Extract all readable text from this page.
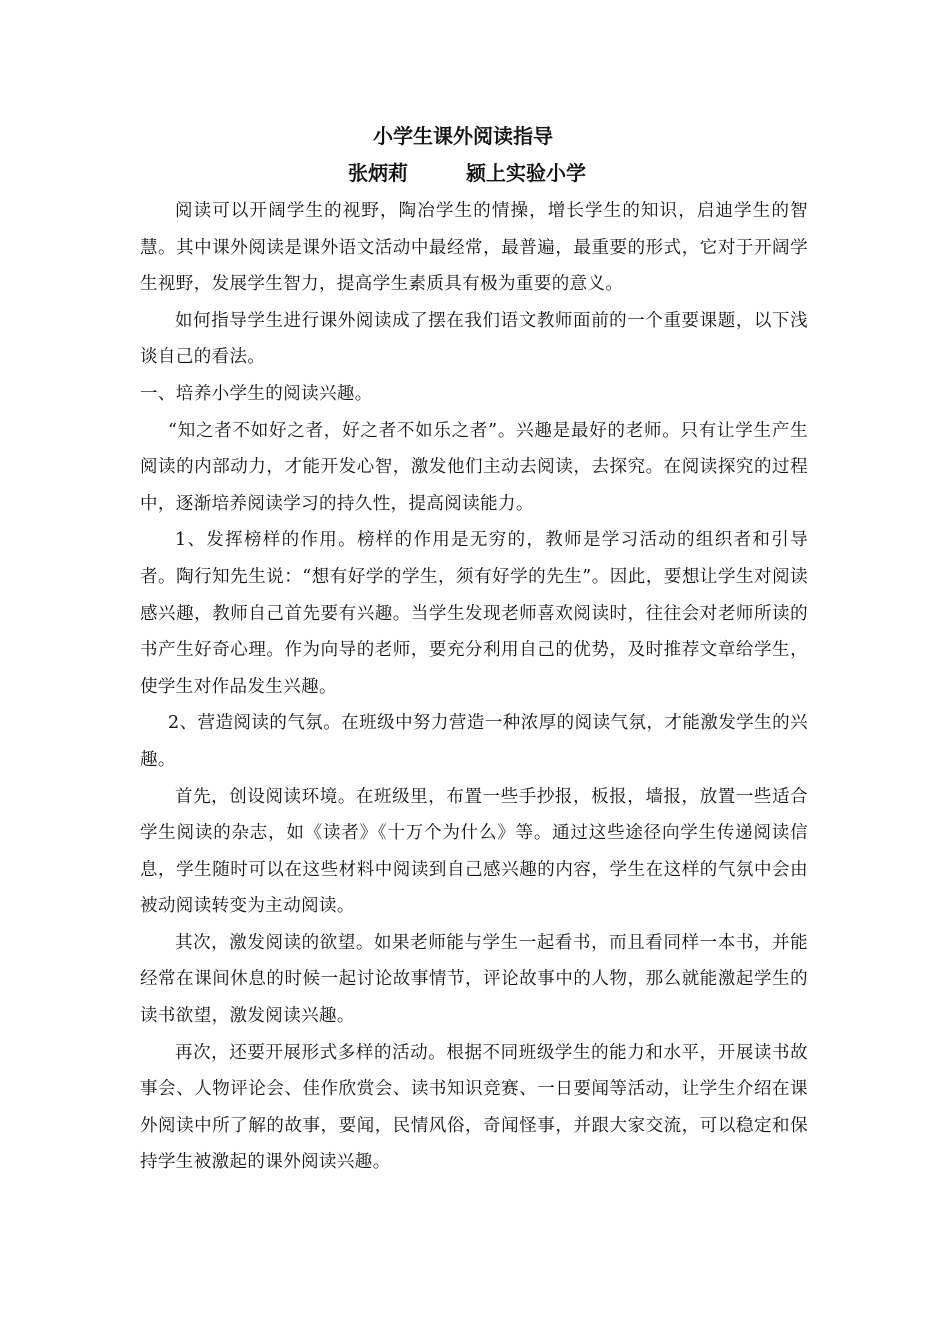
小学生课外阅读指导
张炳莉	颍上实验小学

阅读可以开阔学生的视野，陶冶学生的情操，增长学生的知识，启迪学生的智慧。其中课外阅读是课外语文活动中最经常，最普遍，最重要的形式，它对于开阔学生视野，发展学生智力，提高学生素质具有极为重要的意义。

如何指导学生进行课外阅读成了摆在我们语文教师面前的一个重要课题，以下浅谈自己的看法。

一、培养小学生的阅读兴趣。

“知之者不如好之者，好之者不如乐之者”。兴趣是最好的老师。只有让学生产生阅读的内部动力，才能开发心智，激发他们主动去阅读，去探究。在阅读探究的过程中，逐渐培养阅读学习的持久性，提高阅读能力。

1、发挥榜样的作用。榜样的作用是无穷的，教师是学习活动的组织者和引导者。陶行知先生说：“想有好学的学生，须有好学的先生”。因此，要想让学生对阅读感兴趣，教师自己首先要有兴趣。当学生发现老师喜欢阅读时，往往会对老师所读的书产生好奇心理。作为向导的老师，要充分利用自己的优势，及时推荐文章给学生，使学生对作品发生兴趣。

2、营造阅读的气氛。在班级中努力营造一种浓厚的阅读气氛，才能激发学生的兴趣。

首先，创设阅读环境。在班级里，布置一些手抄报，板报，墙报，放置一些适合学生阅读的杂志，如《读者》《十万个为什么》等。通过这些途径向学生传递阅读信息，学生随时可以在这些材料中阅读到自己感兴趣的内容，学生在这样的气氛中会由被动阅读转变为主动阅读。

其次，激发阅读的欲望。如果老师能与学生一起看书，而且看同样一本书，并能经常在课间休息的时候一起讨论故事情节，评论故事中的人物，那么就能激起学生的读书欲望，激发阅读兴趣。

再次，还要开展形式多样的活动。根据不同班级学生的能力和水平，开展读书故事会、人物评论会、佳作欣赏会、读书知识竞赛、一日要闻等活动，让学生介绍在课外阅读中所了解的故事，要闻，民情风俗，奇闻怪事，并跟大家交流，可以稳定和保持学生被激起的课外阅读兴趣。
